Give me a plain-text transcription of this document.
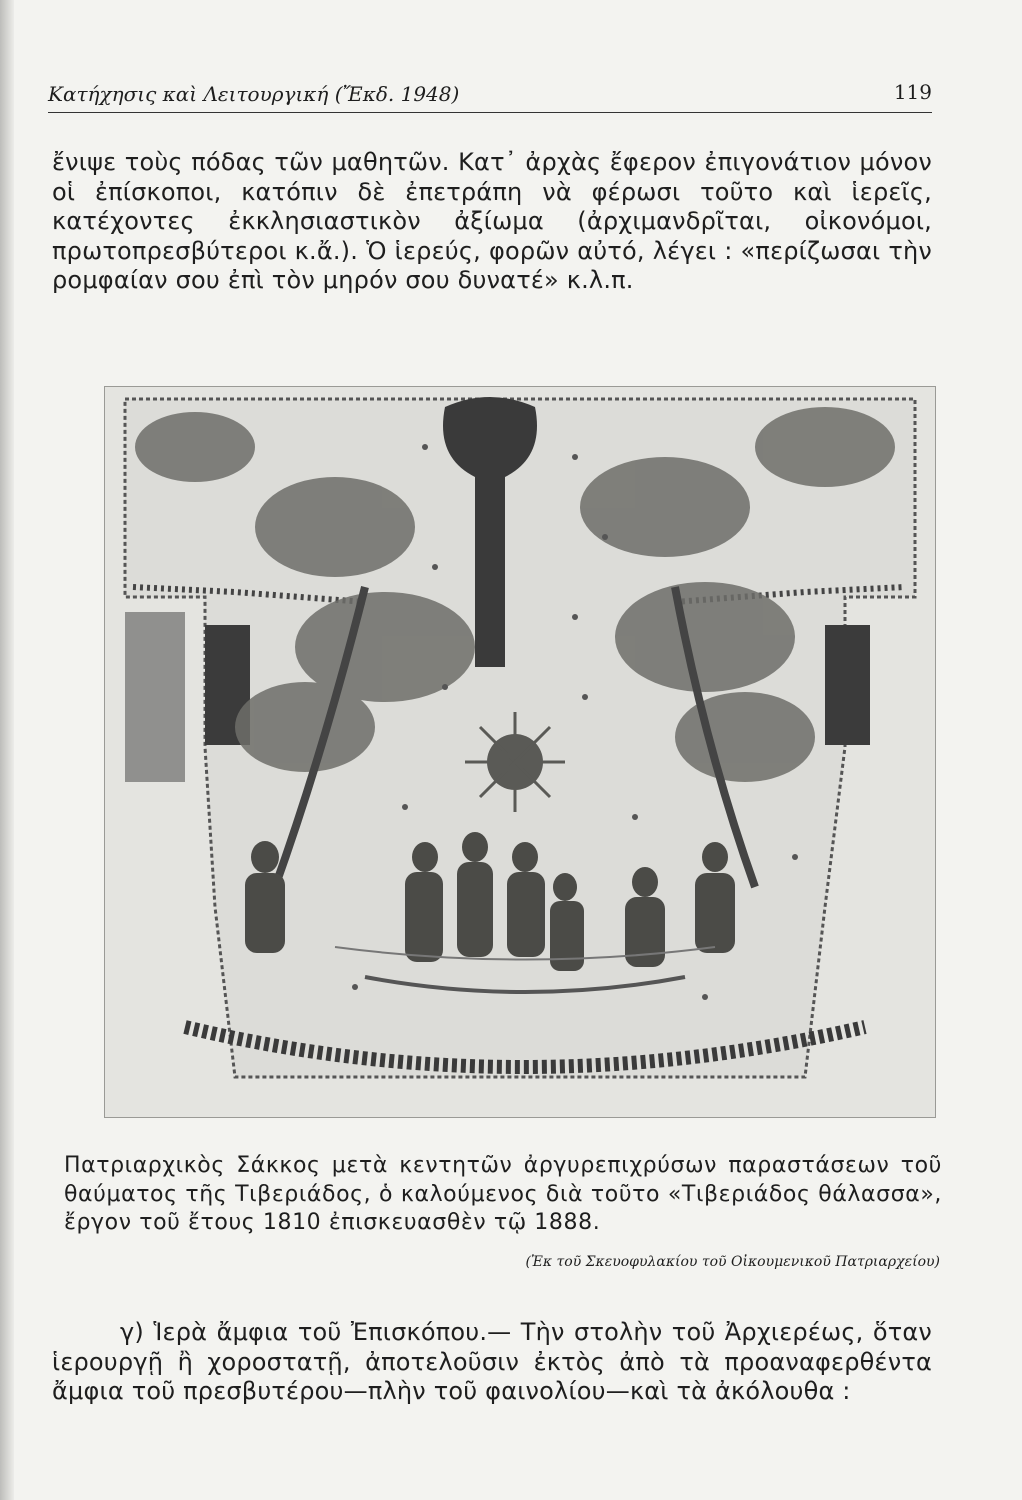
Κατήχησις καὶ Λειτουργική (Ἔκδ. 1948)	119

ἔνιψε τοὺς πόδας τῶν μαθητῶν. Κατ᾽ ἀρχὰς ἔφερον ἐπιγονάτιον μόνον οἱ ἐπίσκοποι, κατόπιν δὲ ἐπετράπη νὰ φέρωσι τοῦτο καὶ ἱερεῖς, κατέχοντες ἐκκλησιαστικὸν ἀξίωμα (ἀρχιμανδρῖται, οἰκονόμοι, πρωτοπρεσβύτεροι κ.ἄ.). Ὁ ἱερεύς, φορῶν αὐτό, λέγει : «περίζωσαι τὴν ρομφαίαν σου ἐπὶ τὸν μηρόν σου δυνατέ» κ.λ.π.

Πατριαρχικὸς Σάκκος μετὰ κεντητῶν ἀργυρεπιχρύσων παραστάσεων τοῦ θαύματος τῆς Τιβεριάδος, ὁ καλούμενος διὰ τοῦτο «Τιβεριάδος θάλασσα», ἔργον τοῦ ἔτους 1810 ἐπισκευασθὲν τῷ 1888.

(Ἐκ τοῦ Σκευοφυλακίου τοῦ Οἰκουμενικοῦ Πατριαρχείου)

γ) Ἱερὰ ἄμφια τοῦ Ἐπισκόπου.— Τὴν στολὴν τοῦ Ἀρχιερέως, ὅταν ἱερουργῇ ἢ χοροστατῇ, ἀποτελοῦσιν ἐκτὸς ἀπὸ τὰ προαναφερθέντα ἄμφια τοῦ πρεσβυτέρου—πλὴν τοῦ φαινολίου—καὶ τὰ ἀκόλουθα :
